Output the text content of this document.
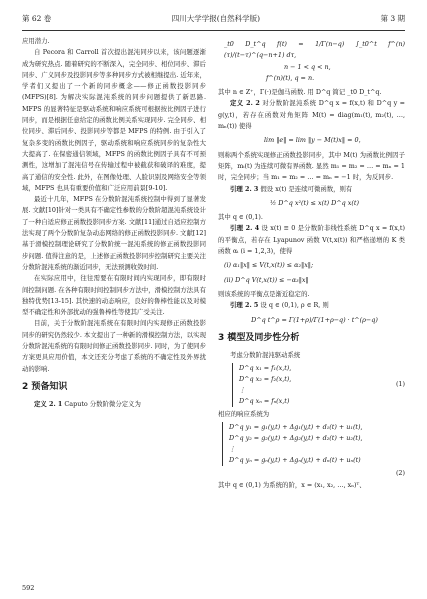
第 62 卷	四川大学学报(自然科学版)	第 3 期

应用潜力.

自 Pecora 和 Carroll 首次提出混沌同步以来，该问题逐渐成为研究热点. 随着研究的不断深入，完全同步、相位同步、滞后同步、广义同步及投影同步等多种同步方式被相继提出. 近年来，学者们又提出了一个新的同步概念——修正函数投影同步(MFPS)[8]. 为解决实际混沌系统的同步问题提供了新思路. MFPS 的显著特征是驱动系统和响应系统可根据按比例因子进行同步，而是根据任意给定的函数比例关系实现同步. 完全同步、相位同步、滞后同步、投影同步等都是 MFPS 的特例. 由于引入了复杂多变的函数比例因子，驱动系统和响应系统同步的复杂性大大提高了. 在保密通信领域，MFPS 的函数比例因子具有不可预测性，这增加了混沌信号在传输过程中被截获和破译的难度，提高了通信的安全性. 此外，在图像处理、人脸识别及网络安全等领域，MFPS 也具有重要价值和广泛应用前景[9-10].

最近十几年，MFPS 在分数阶混沌系统控制中得到了显著发展. 文献[10]针对一类具有不确定性参数的分数阶超混沌系统设计了一种自适应修正函数投影同步方案. 文献[11]通过自适应控制方法实现了两个分数阶复杂动态网络的修正函数投影同步. 文献[12]基于滑模控制理论研究了分数阶统一混沌系统的修正函数投影同步问题. 值得注意的是，上述修正函数投影同步控制研究主要关注分数阶混沌系统的渐近同步，无法预测收敛时间.

在实际应用中，往往需要在有限时间内实现同步，即有限时间控制问题. 在各种有限时间控制同步方法中，滑模控制方法具有独特优势[13-15]. 其快速的动态响应，良好的鲁棒性能以及对模型不确定性和外部扰动的强鲁棒性等使其广受关注.

目前，关于分数阶混沌系统在有限时间内实现修正函数投影同步的研究仍然较少. 本文提出了一种新的滑模控制方法，以实现分数阶混沌系统的有限时间修正函数投影同步. 同时，为了使同步方案更具应用价值，本文还充分考虑了系统的不确定性及外界扰动的影响.

2 预备知识

定义 2. 1 Caputo 分数阶微分定义为

_t0 D_t^q f(t) = 1/Γ(n−q) ∫_t0^t f^(n)(τ)/(t−τ)^(q−n+1) dτ,
n − 1 < q < n,
f^(n)(t), q = n.

其中 n ∈ Z⁺，Γ(·)是伽马函数. 用 D^q 简记 _t0 D_t^q.

定义 2. 2 对分数阶混沌系统 D^q x = f(x,t) 和 D^q y = g(y,t)，若存在函数对角矩阵 M(t) = diag(m₁(t), m₂(t), …, mₙ(t)) 使得

lim ‖e‖ = lim ‖y − M(t)x‖ = 0，

则称两个系统实现修正函数投影同步，其中 M(t) 为函数比例因子矩阵，mᵢ(t) 为连续可微有界函数. 显然 m₁ = m₂ = … = mₙ = 1 时，完全同步；当 m₁ = m₂ = … = mₙ = −1 时，为反同步.

引理 2. 3 假设 x(t) 是连续可微函数，则有

½ D^q x²(t) ≤ x(t) D^q x(t)

其中 q ∈ (0,1).

引理 2. 4 设 x(t) ≡ 0 是分数阶非线性系统 D^q x = f(x,t) 的平衡点，若存在 Lyapunov 函数 V(t,x(t)) 和严格递增的 K 类函数 αᵢ (i = 1,2,3)，使得

(i) α₁‖x‖ ≤ V(t,x(t)) ≤ α₂‖x‖;
(ii) D^q V(t,x(t)) ≤ −α₃‖x‖

则该系统的平衡点是渐近稳定的.

引理 2. 5 设 q ∈ (0,1), ρ ∈ R, 则

D^q t^ρ = Γ(1+ρ)/Γ(1+ρ−q) · t^(ρ−q)
3 模型及同步性分析

考虑分数阶混沌驱动系统

D^q x₁ = f₁(x,t),
D^q x₂ = f₂(x,t),
⋮
D^q xₙ = fₙ(x,t)
(1)

相应的响应系统为

D^q y₁ = g₁(y,t) + Δg₁(y,t) + d₁(t) + u₁(t),
D^q y₂ = g₂(y,t) + Δg₂(y,t) + d₂(t) + u₂(t),
⋮
D^q yₙ = gₙ(y,t) + Δgₙ(y,t) + dₙ(t) + uₙ(t)
(2)

其中 q ∈ (0,1) 为系统的阶，x = (x₁, x₂, …, xₙ)ᵀ、

592
